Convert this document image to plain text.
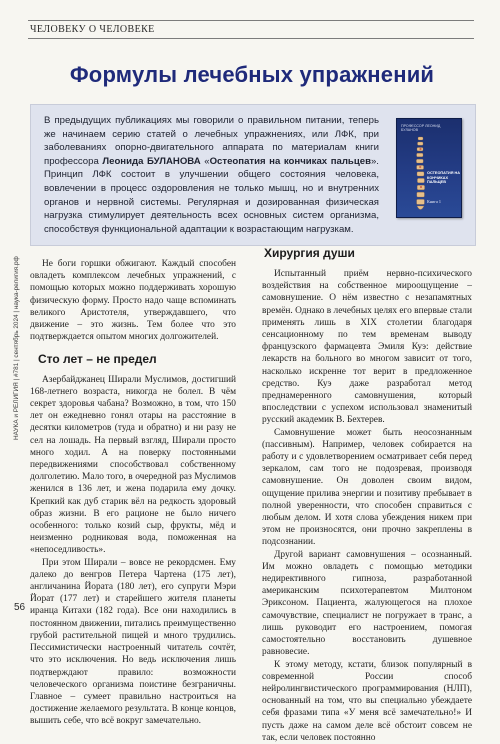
ЧЕЛОВЕКУ О ЧЕЛОВЕКЕ
Формулы лечебных упражнений

В предыдущих публикациях мы говорили о правильном питании, теперь же начинаем серию статей о лечебных упражнениях, или ЛФК, при заболеваниях опорно-двигательного аппарата по материалам книги профессора Леонида БУЛАНОВА «Остеопатия на кончиках пальцев». Принцип ЛФК состоит в улучшении общего состояния человека, вовлечении в процесс оздоровления не только мышц, но и внутренних органов и нервной системы. Регулярная и дозированная физическая нагрузка стимулирует деятельность всех основных систем организма, способствуя функциональной адаптации к возрастающим нагрузкам.

ПРОФЕССОР ЛЕОНИД БУЛАНОВ
ОСТЕОПАТИЯ НА КОНЧИКАХ ПАЛЬЦЕВ
Книга 1

Не боги горшки обжигают. Каждый способен овладеть комплексом лечебных упражнений, с помощью которых можно поддерживать хорошую физическую форму. Просто надо чаще вспоминать великого Аристотеля, утверждавшего, что движение – это жизнь. Тем более что это подтверждается опытом многих долгожителей.

Сто лет – не предел

Азербайджанец Ширали Муслимов, достигший 168-летнего возраста, никогда не болел. В чём секрет здоровья чабана? Возможно, в том, что 150 лет он ежедневно гонял отары на расстояние в десятки километров (туда и обратно) и ни разу не сел на лошадь. На первый взгляд, Ширали просто много ходил. А на поверку постоянными передвижениями способствовал собственному долголетию. Мало того, в очередной раз Муслимов женился в 136 лет, и жена подарила ему дочку. Крепкий как дуб старик вёл на редкость здоровый образ жизни. В его рационе не было ничего особенного: только козий сыр, фрукты, мёд и неизменно родниковая вода, поможенная на «непоседливость».

При этом Ширали – вовсе не рекордсмен. Ему далеко до венгров Петера Чартена (175 лет), англичанина Йората (180 лет), его супруги Мэри Йорат (177 лет) и старейшего жителя планеты иранца Китахи (182 года). Все они находились в постоянном движении, питались преимущественно грубой растительной пищей и много трудились. Пессимистически настроенный читатель сочтёт, что это исключения. Но ведь исключения лишь подтверждают правило: возможности человеческого организма поистине безграничны. Главное – сумеет правильно настроиться на достижение желаемого результата. В конце концов, вышить себе, что всё вокруг замечательно.

Хирургия души

Испытанный приём нервно-психического воздействия на собственное мироощущение – самовнушение. О нём известно с незапамятных времён. Однако в лечебных целях его впервые стали применять лишь в XIX столетии благодаря сенсационному по тем временам выводу французского фармацевта Эмиля Куэ: действие лекарств на больного во многом зависит от того, насколько искренне тот верит в предложенное средство. Куэ даже разработал метод преднамеренного самовнушения, который впоследствии с успехом использовал знаменитый русский академик В. Бехтерев.

Самовнушение может быть неосознанным (пассивным). Например, человек собирается на работу и с удовлетворением осматривает себя перед зеркалом, сам того не подозревая, производя самовнушение. Он доволен своим видом, ощущение прилива энергии и позитиву пребывает в полной уверенности, что способен справиться с любым делом. И хотя слова убеждения никем при этом не произносятся, они прочно закреплены в подсознании.

Другой вариант самовнушения – осознанный. Им можно овладеть с помощью методики недирективного гипноза, разработанной американским психотерапевтом Милтоном Эриксоном. Пациента, жалующегося на плохое самочувствие, специалист не погружает в транс, а лишь руководит его настроением, помогая самостоятельно восстановить душевное равновесие.

К этому методу, кстати, близок популярный в современной России способ нейролингвистического программирования (НЛП), основанный на том, что вы специально убеждаете себя фразами типа «У меня всё замечательно!» И пусть даже на самом деле всё обстоит совсем не так, если человек постоянно

НАУКА и РЕЛИГИЯ | #781 | сентябрь 2024 | наука-религия.рф
56
